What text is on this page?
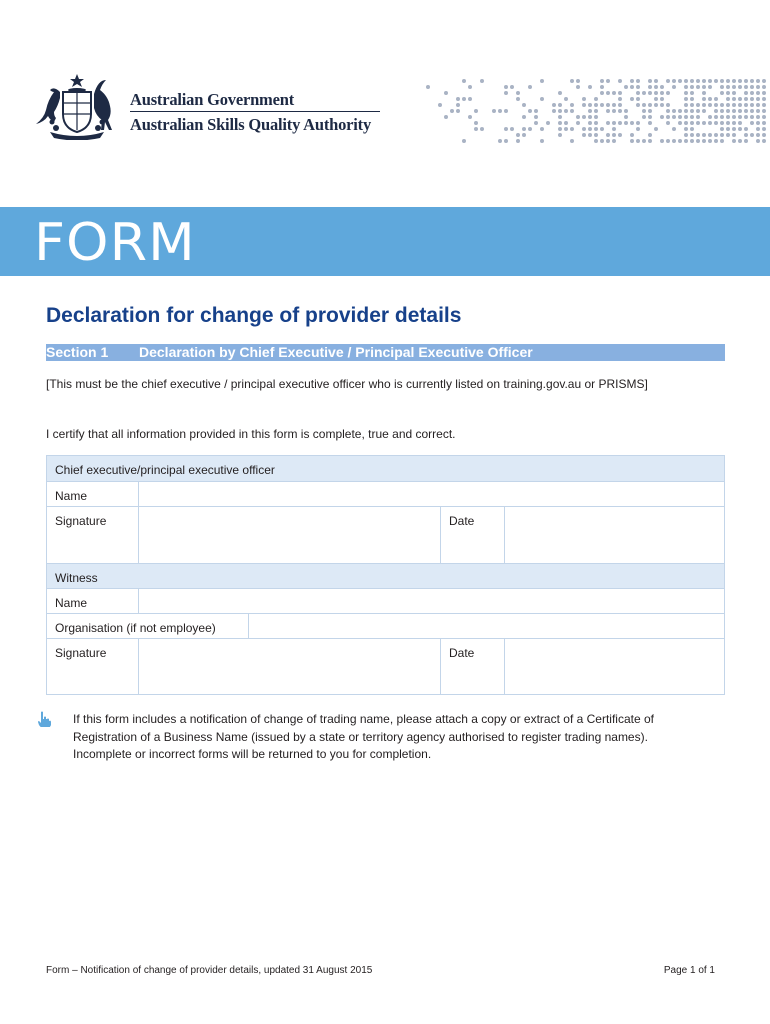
Australian Government
Australian Skills Quality Authority
FORM
Declaration for change of provider details
Section 1 Declaration by Chief Executive / Principal Executive Officer
[This must be the chief executive / principal executive officer who is currently listed on training.gov.au or PRISMS]
I certify that all information provided in this form is complete, true and correct.
Chief executive/principal executive officer
Name
Signature	Date
Witness
Name
Organisation (if not employee)
Signature	Date
If this form includes a notification of change of trading name, please attach a copy or extract of a Certificate of
Registration of a Business Name (issued by a state or territory agency authorised to register trading names).
Incomplete or incorrect forms will be returned to you for completion.
Form – Notification of change of provider details, updated 31 August 2015	Page 1 of 1
